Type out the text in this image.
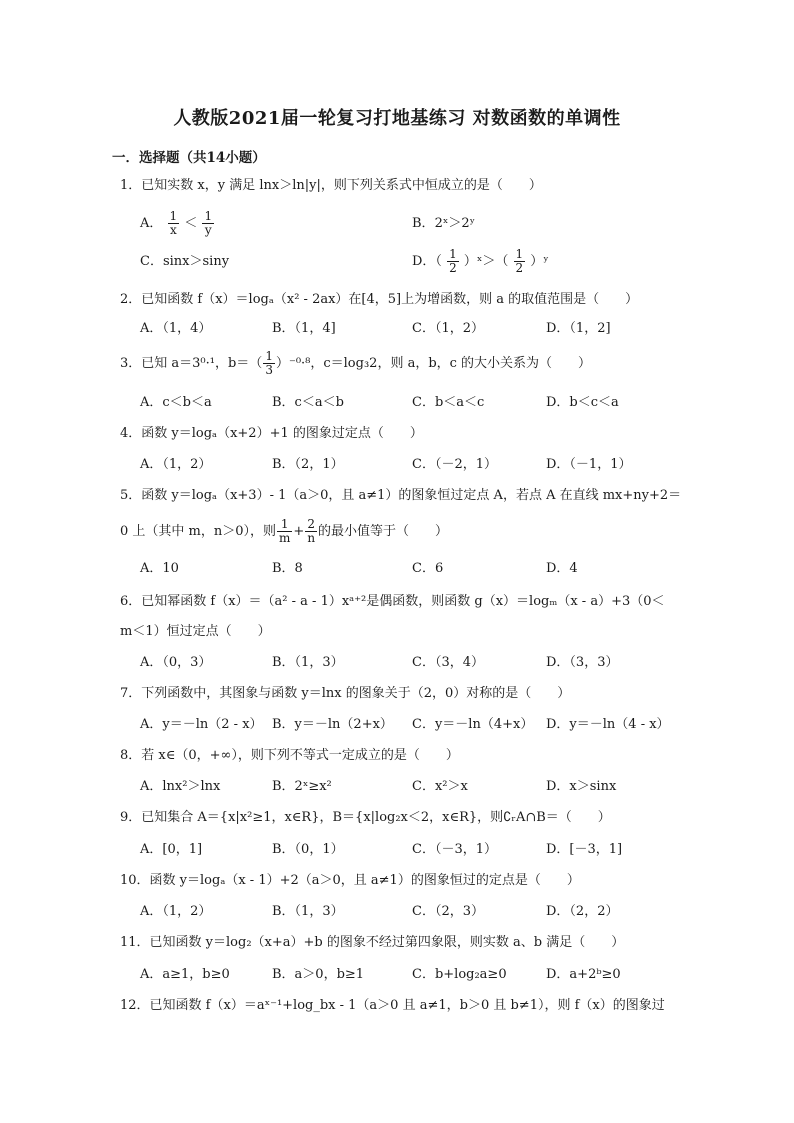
人教版2021届一轮复习打地基练习 对数函数的单调性
一．选择题（共14小题）
1．已知实数 x，y 满足 lnx＞ln|y|，则下列关系式中恒成立的是（　　）
A． $\frac{1}{x} < \frac{1}{y}$	B．2ˣ＞2ʸ
C．sinx＞siny	D．（ $\frac{1}{2}$ ）ˣ＞（ $\frac{1}{2}$ ）ʸ
2．已知函数 f（x）＝logₐ（x² - 2ax）在[4，5]上为增函数，则 a 的取值范围是（　　）
A．（1，4）	B．（1，4]	C．（1，2）	D．（1，2]
3．已知 a＝3⁰·¹，$b=( \frac{1}{3} )^{-0}\cdot^8$，c＝log₃2，则 a，b，c 的大小关系为（　　）
A．c＜b＜a	B．c＜a＜b	C．b＜a＜c	D．b＜c＜a
4．函数 y＝logₐ（x+2）+1 的图象过定点（　　）
A．（1，2）	B．（2，1）	C．（－2，1）	D．（－1，1）
5．函数 y＝logₐ（x+3）- 1（a＞0，且 a≠1）的图象恒过定点 A，若点 A 在直线 mx+ny+2＝
0 上（其中 m，n＞0），则 $\frac{1}{m} + \frac{2}{n}$ 的最小值等于（　　）
A．10	B．8	C．6	D．4
6．已知幂函数 f（x）＝（a² - a - 1）xᵃ⁺²是偶函数，则函数 g（x）＝logₘ（x - a）+3（0＜
m＜1）恒过定点（　　）
A．（0，3）	B．（1，3）	C．（3，4）	D．（3，3）
7．下列函数中，其图象与函数 y＝lnx 的图象关于（2，0）对称的是（　　）
A．y＝－ln（2 - x） B．y＝－ln（2+x） C．y＝－ln（4+x） D．y＝－ln（4 - x）
8．若 x∈（0，+∞），则下列不等式一定成立的是（　　）
A．lnx²＞lnx	B．2ˣ≥x²	C．x²＞x	D．x＞sinx
9．已知集合 A＝{x|x²≥1，x∈R}，B＝{x|log₂x＜2，x∈R}，则∁ᵣA∩B＝（　　）
A．[0，1]	B．（0，1）	C．（－3，1）	D．[－3，1]
10．函数 y＝logₐ（x - 1）+2（a＞0，且 a≠1）的图象恒过的定点是（　　）
A．（1，2）	B．（1，3）	C．（2，3）	D．（2，2）
11．已知函数 y＝log₂（x+a）+b 的图象不经过第四象限，则实数 a、b 满足（　　）
A．a≥1，b≥0	B．a＞0，b≥1	C．b+log₂a≥0	D．a+2ᵇ≥0
12．已知函数 f（x）＝aˣ⁻¹+log_bx - 1（a＞0 且 a≠1，b＞0 且 b≠1），则 f（x）的图象过
